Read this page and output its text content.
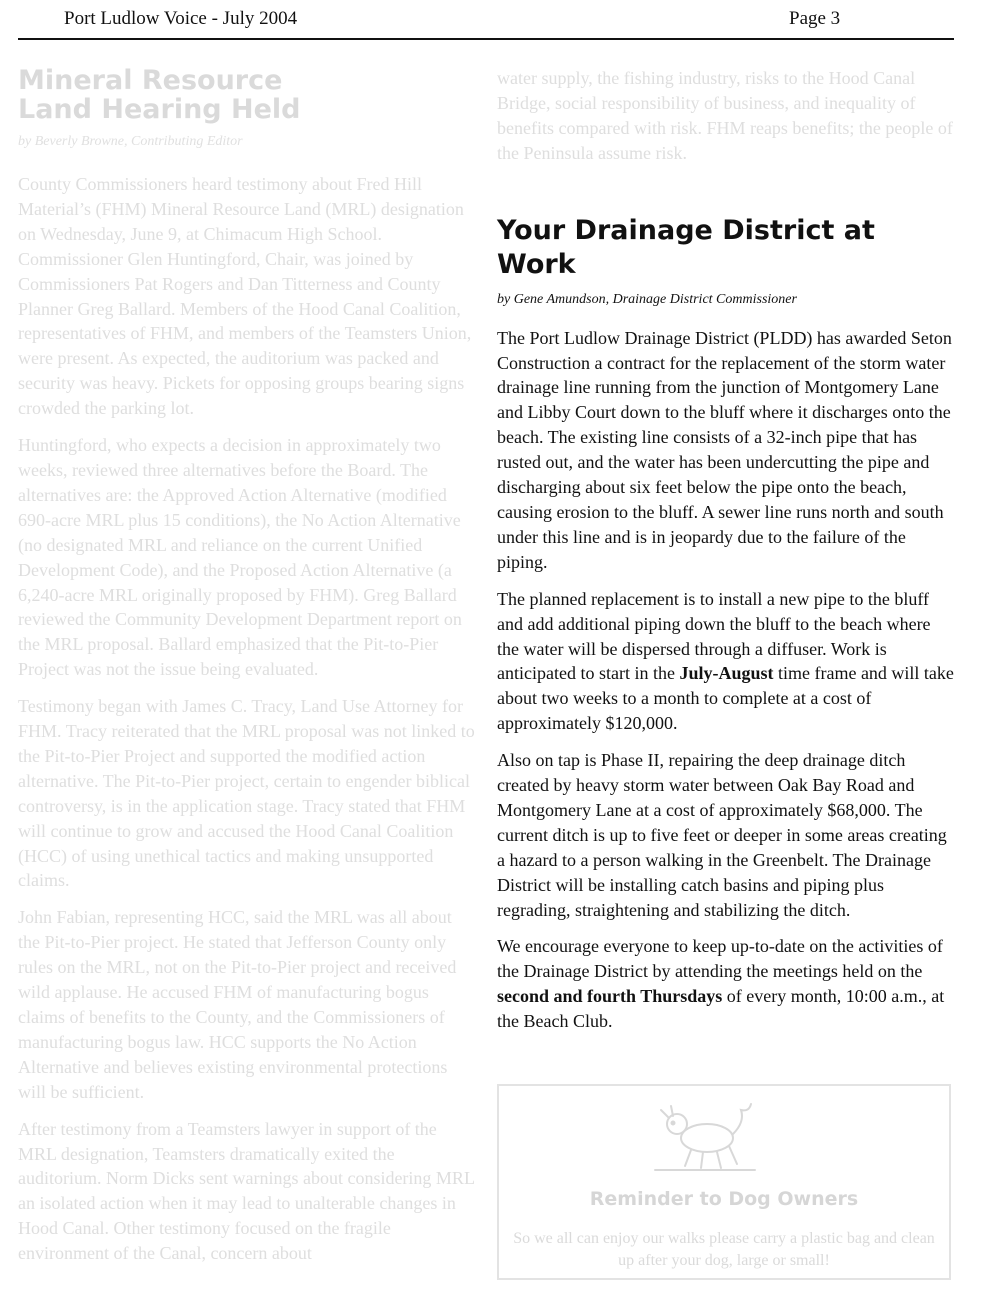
Port Ludlow Voice - July 2004	Page 3
Mineral Resource Land Hearing Held
by Beverly Browne, Contributing Editor

County Commissioners heard testimony about Fred Hill Material’s (FHM) Mineral Resource Land (MRL) designation on Wednesday, June 9, at Chimacum High School. Commissioner Glen Huntingford, Chair, was joined by Commissioners Pat Rogers and Dan Titterness and County Planner Greg Ballard. Members of the Hood Canal Coalition, representatives of FHM, and members of the Teamsters Union, were present. As expected, the auditorium was packed and security was heavy. Pickets for opposing groups bearing signs crowded the parking lot.

Huntingford, who expects a decision in approximately two weeks, reviewed three alternatives before the Board. The alternatives are: the Approved Action Alternative (modified 690-acre MRL plus 15 conditions), the No Action Alternative (no designated MRL and reliance on the current Unified Development Code), and the Proposed Action Alternative (a 6,240-acre MRL originally proposed by FHM). Greg Ballard reviewed the Community Development Department report on the MRL proposal. Ballard emphasized that the Pit-to-Pier Project was not the issue being evaluated.

Testimony began with James C. Tracy, Land Use Attorney for FHM. Tracy reiterated that the MRL proposal was not linked to the Pit-to-Pier Project and supported the modified action alternative. The Pit-to-Pier project, certain to engender biblical controversy, is in the application stage. Tracy stated that FHM will continue to grow and accused the Hood Canal Coalition (HCC) of using unethical tactics and making unsupported claims.

John Fabian, representing HCC, said the MRL was all about the Pit-to-Pier project. He stated that Jefferson County only rules on the MRL, not on the Pit-to-Pier project and received wild applause. He accused FHM of manufacturing bogus claims of benefits to the County, and the Commissioners of manufacturing bogus law. HCC supports the No Action Alternative and believes existing environmental protections will be sufficient.

After testimony from a Teamsters lawyer in support of the MRL designation, Teamsters dramatically exited the auditorium. Norm Dicks sent warnings about considering MRL an isolated action when it may lead to unalterable changes in Hood Canal. Other testimony focused on the fragile environment of the Canal, concern about

water supply, the fishing industry, risks to the Hood Canal Bridge, social responsibility of business, and inequality of benefits compared with risk. FHM reaps benefits; the people of the Peninsula assume risk.

Your Drainage District at Work
by Gene Amundson, Drainage District Commissioner

The Port Ludlow Drainage District (PLDD) has awarded Seton Construction a contract for the replacement of the storm water drainage line running from the junction of Montgomery Lane and Libby Court down to the bluff where it discharges onto the beach. The existing line consists of a 32-inch pipe that has rusted out, and the water has been undercutting the pipe and discharging about six feet below the pipe onto the beach, causing erosion to the bluff. A sewer line runs north and south under this line and is in jeopardy due to the failure of the piping.

The planned replacement is to install a new pipe to the bluff and add additional piping down the bluff to the beach where the water will be dispersed through a diffuser. Work is anticipated to start in the July-August time frame and will take about two weeks to a month to complete at a cost of approximately $120,000.

Also on tap is Phase II, repairing the deep drainage ditch created by heavy storm water between Oak Bay Road and Montgomery Lane at a cost of approximately $68,000. The current ditch is up to five feet or deeper in some areas creating a hazard to a person walking in the Greenbelt. The Drainage District will be installing catch basins and piping plus regrading, straightening and stabilizing the ditch.

We encourage everyone to keep up-to-date on the activities of the Drainage District by attending the meetings held on the second and fourth Thursdays of every month, 10:00 a.m., at the Beach Club.

Reminder to Dog Owners
So we all can enjoy our walks please carry a plastic bag and clean up after your dog, large or small!
